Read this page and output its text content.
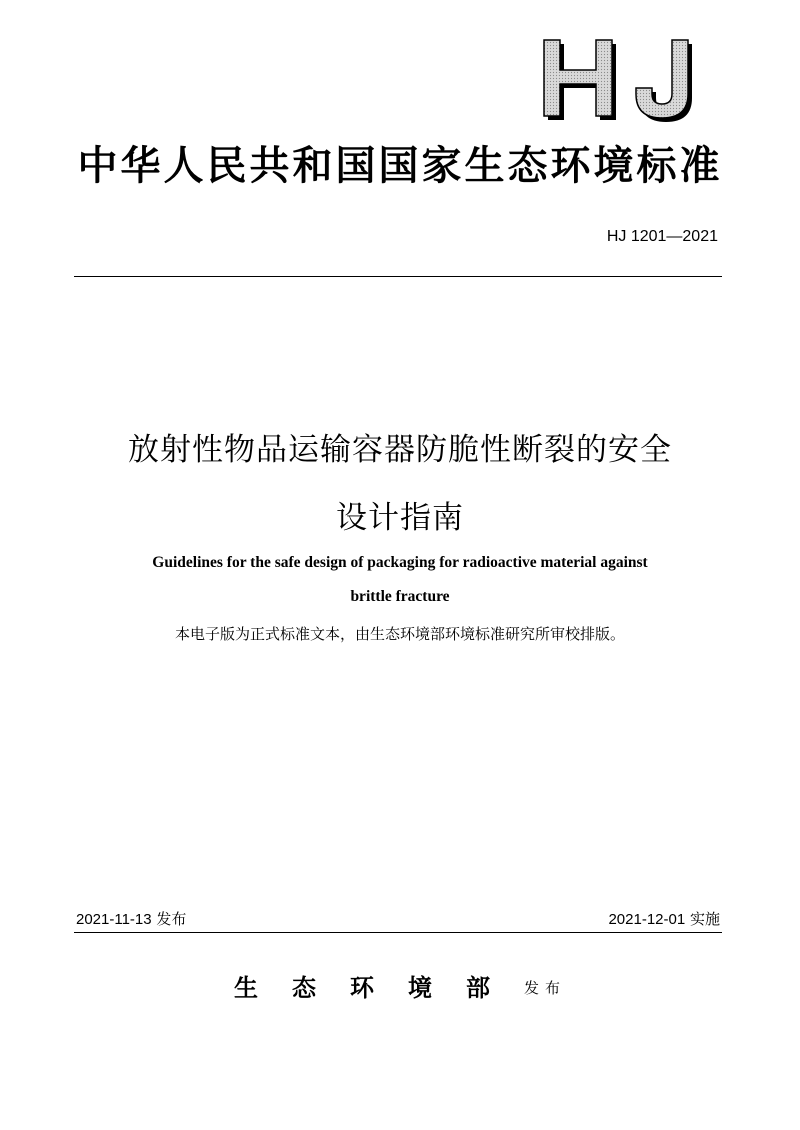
中华人民共和国国家生态环境标准
HJ 1201—2021
放射性物品运输容器防脆性断裂的安全
设计指南
Guidelines for the safe design of packaging for radioactive material against
brittle fracture
本电子版为正式标准文本，由生态环境部环境标准研究所审校排版。
2021-11-13 发布	2021-12-01 实施
生态环境部发布
